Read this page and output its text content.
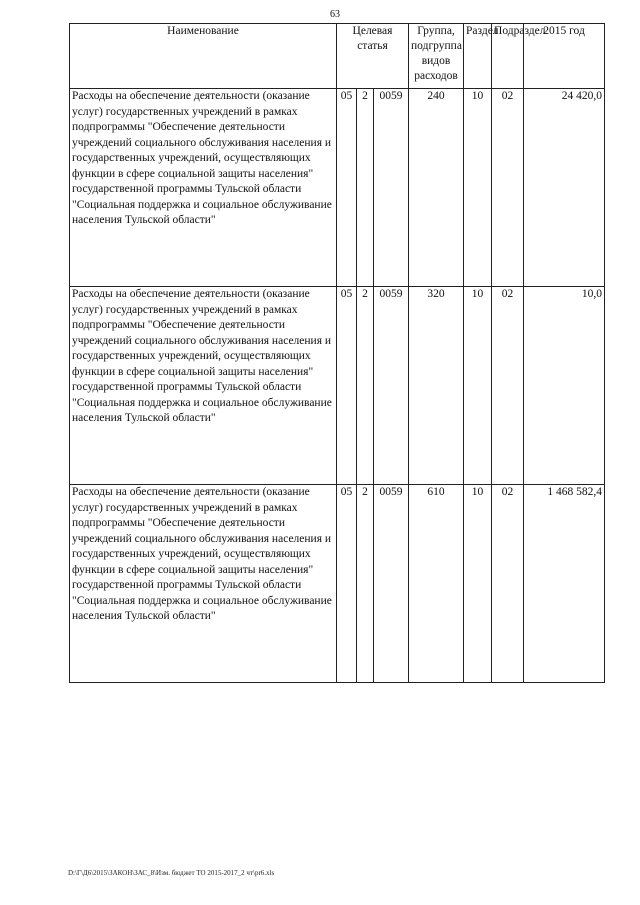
63
Наименование	Целевая статья			Группа, подгруппа видов расходов	Раздел	Подраздел	2015 год
Расходы на обеспечение деятельности (оказание услуг) государственных учреждений в рамках подпрограммы "Обеспечение деятельности учреждений социального обслуживания населения и государственных учреждений, осуществляющих функции в сфере социальной защиты населения" государственной программы Тульской области "Социальная поддержка и социальное обслуживание населения Тульской области"	05	2	0059	240	10	02	24 420,0
Расходы на обеспечение деятельности (оказание услуг) государственных учреждений в рамках подпрограммы "Обеспечение деятельности учреждений социального обслуживания населения и государственных учреждений, осуществляющих функции в сфере социальной защиты населения" государственной программы Тульской области "Социальная поддержка и социальное обслуживание населения Тульской области"	05	2	0059	320	10	02	10,0
Расходы на обеспечение деятельности (оказание услуг) государственных учреждений в рамках подпрограммы "Обеспечение деятельности учреждений социального обслуживания населения и государственных учреждений, осуществляющих функции в сфере социальной защиты населения" государственной программы Тульской области "Социальная поддержка и социальное обслуживание населения Тульской области"	05	2	0059	610	10	02	1 468 582,4
D:\Г\Д6\2015\ЗАКОН\ЗАС_8\Изм. бюджет ТО 2015-2017_2 чт\pr6.xls
